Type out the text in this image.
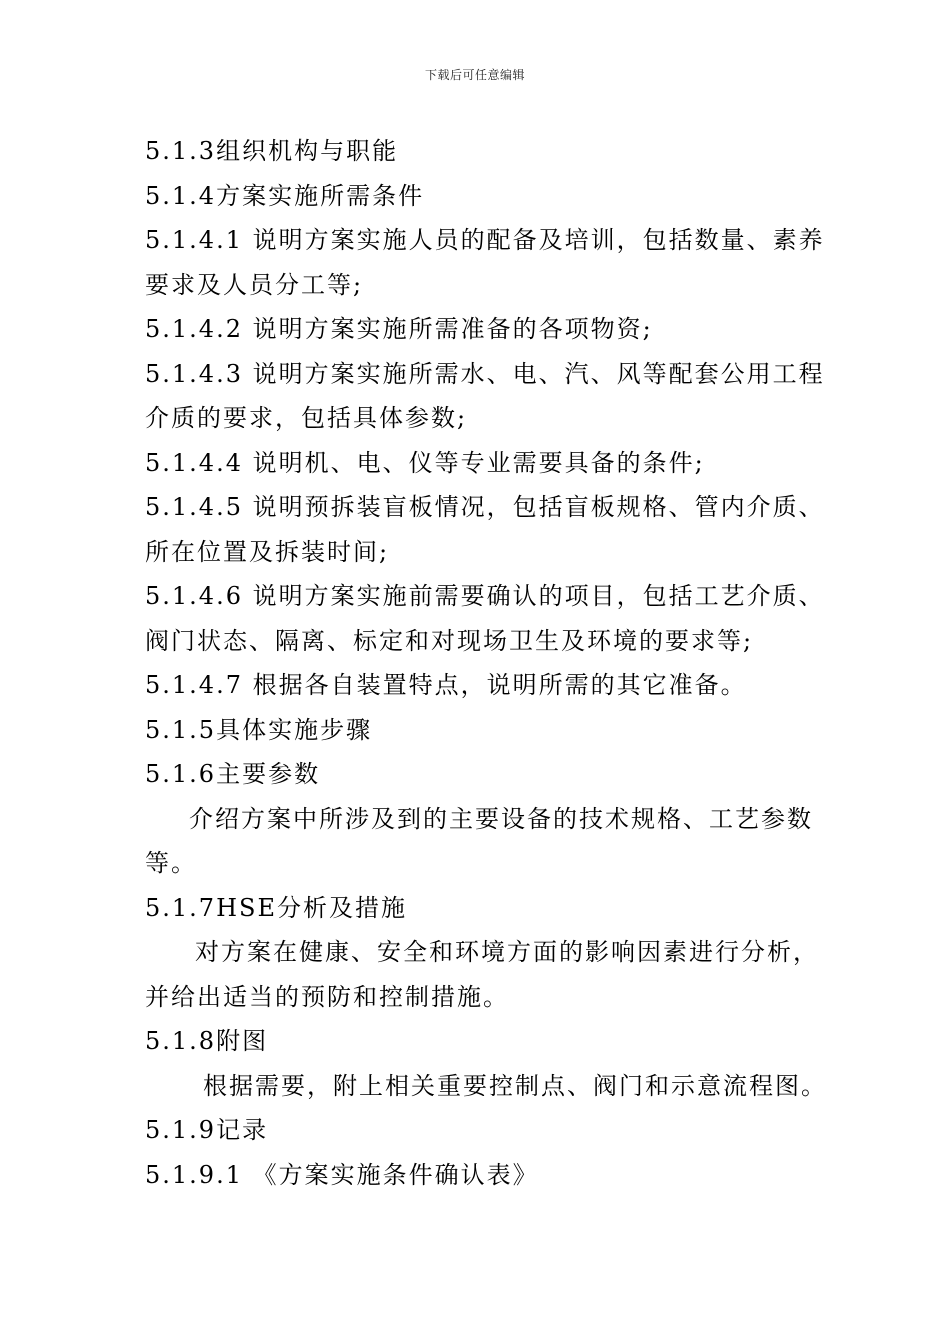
下载后可任意编辑
5.1.3组织机构与职能
5.1.4方案实施所需条件
5.1.4.1 说明方案实施人员的配备及培训，包括数量、素养
要求及人员分工等;
5.1.4.2 说明方案实施所需准备的各项物资;
5.1.4.3 说明方案实施所需水、电、汽、风等配套公用工程
介质的要求，包括具体参数;
5.1.4.4 说明机、电、仪等专业需要具备的条件;
5.1.4.5 说明预拆装盲板情况，包括盲板规格、管内介质、
所在位置及拆装时间;
5.1.4.6 说明方案实施前需要确认的项目，包括工艺介质、
阀门状态、隔离、标定和对现场卫生及环境的要求等;
5.1.4.7 根据各自装置特点，说明所需的其它准备。
5.1.5具体实施步骤
5.1.6主要参数
介绍方案中所涉及到的主要设备的技术规格、工艺参数
等。
5.1.7HSE分析及措施
对方案在健康、安全和环境方面的影响因素进行分析，
并给出适当的预防和控制措施。
5.1.8附图
根据需要，附上相关重要控制点、阀门和示意流程图。
5.1.9记录
5.1.9.1 《方案实施条件确认表》
